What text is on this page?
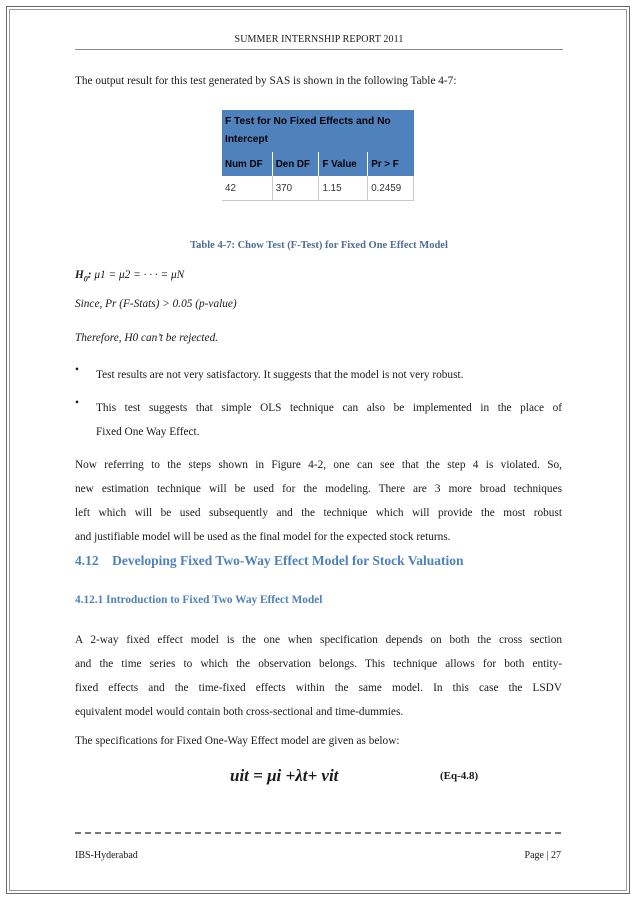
SUMMER INTERNSHIP REPORT 2011
The output result for this test generated by SAS is shown in the following Table 4-7:
F Test for No Fixed Effects and No Intercept			
Num DF	Den DF	F Value	Pr > F
42	370	1.15	0.2459
Table 4-7: Chow Test (F-Test) for Fixed One Effect Model
$H_0$: μ1 = μ2 = · · · = μN
Since, Pr (F-Stats) > 0.05 (p-value)
Therefore, H0 can’t be rejected.
• Test results are not very satisfactory. It suggests that the model is not very robust.
• This test suggests that simple OLS technique can also be implemented in the place of
Fixed One Way Effect.
Now referring to the steps shown in Figure 4-2, one can see that the step 4 is violated. So,
new estimation technique will be used for the modeling. There are 3 more broad techniques
left which will be used subsequently and the technique which will provide the most robust
and justifiable model will be used as the final model for the expected stock returns.
4.12 Developing Fixed Two-Way Effect Model for Stock Valuation
4.12.1 Introduction to Fixed Two Way Effect Model
A 2-way fixed effect model is the one when specification depends on both the cross section
and the time series to which the observation belongs. This technique allows for both entity-
fixed effects and the time-fixed effects within the same model. In this case the LSDV
equivalent model would contain both cross-sectional and time-dummies.
The specifications for Fixed One-Way Effect model are given as below:
uit = μi +λt+ vit	(Eq-4.8)
IBS-Hyderabad	Page | 27
